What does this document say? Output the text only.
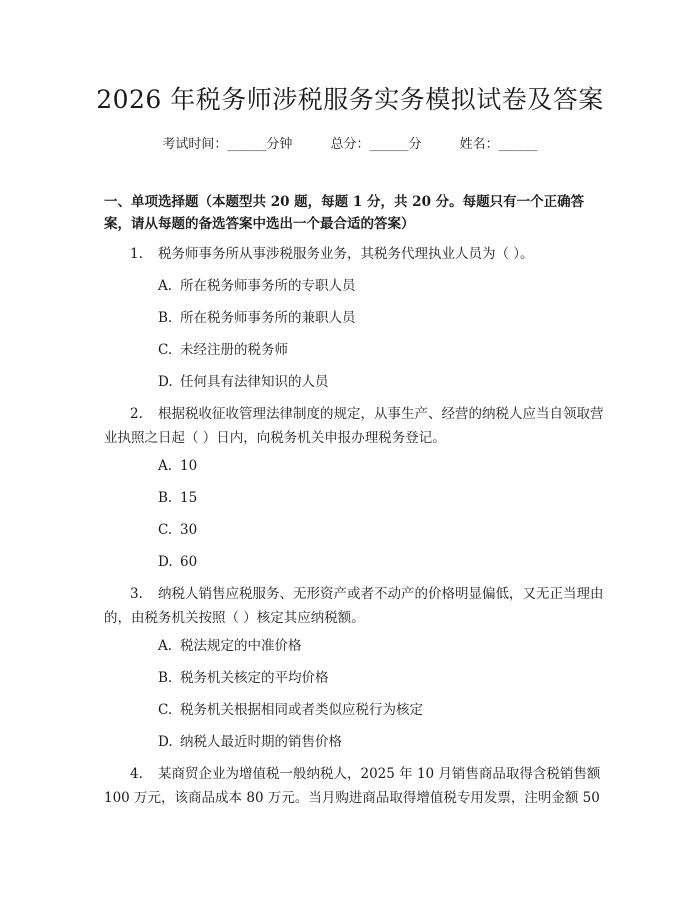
2026 年税务师涉税服务实务模拟试卷及答案
考试时间：______分钟	总分：______分	姓名：______
一、单项选择题（本题型共 20 题，每题 1 分，共 20 分。每题只有一个正确答案，请从每题的备选答案中选出一个最合适的答案）
1. 税务师事务所从事涉税服务业务，其税务代理执业人员为（ ）。
A. 所在税务师事务所的专职人员
B. 所在税务师事务所的兼职人员
C. 未经注册的税务师
D. 任何具有法律知识的人员
2. 根据税收征收管理法律制度的规定，从事生产、经营的纳税人应当自领取营业执照之日起（ ）日内，向税务机关申报办理税务登记。
A. 10
B. 15
C. 30
D. 60
3. 纳税人销售应税服务、无形资产或者不动产的价格明显偏低，又无正当理由的，由税务机关按照（ ）核定其应纳税额。
A. 税法规定的中准价格
B. 税务机关核定的平均价格
C. 税务机关根据相同或者类似应税行为核定
D. 纳税人最近时期的销售价格
4. 某商贸企业为增值税一般纳税人，2025 年 10 月销售商品取得含税销售额 100 万元，该商品成本 80 万元。当月购进商品取得增值税专用发票，注明金额 50
